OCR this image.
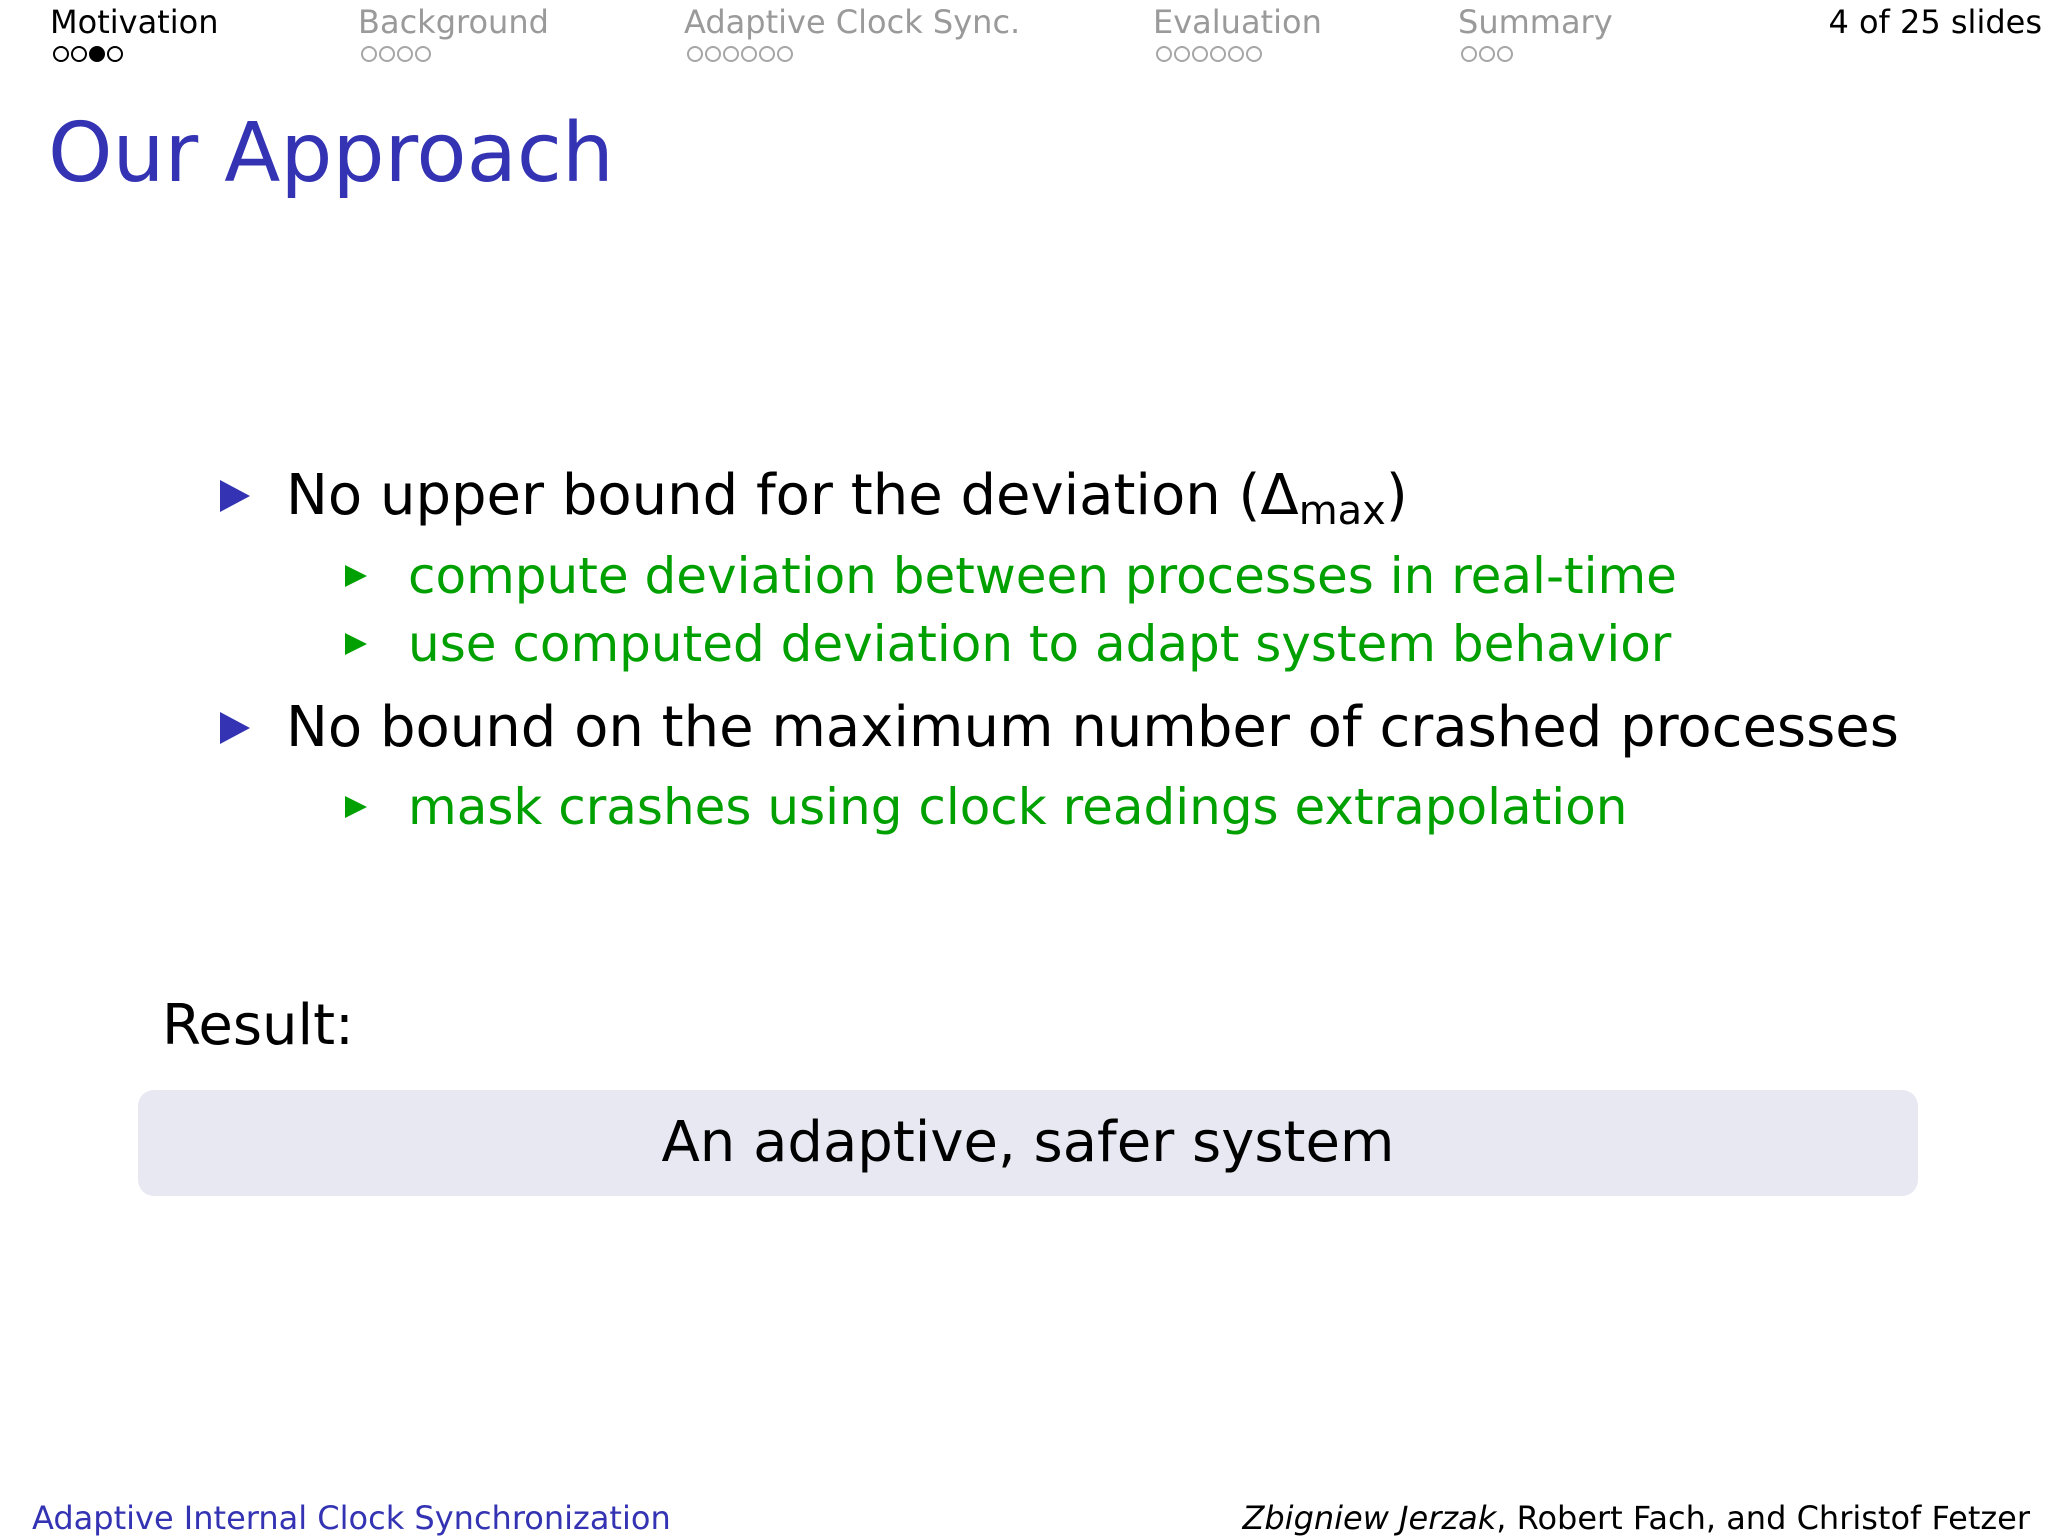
Motivation	Background	Adaptive Clock Sync.	Evaluation	Summary	4 of 25 slides
Our Approach
No upper bound for the deviation $(\Delta_{max})$
compute deviation between processes in real-time
use computed deviation to adapt system behavior
No bound on the maximum number of crashed processes
mask crashes using clock readings extrapolation
Result:
An adaptive, safer system
Adaptive Internal Clock Synchronization	Zbigniew Jerzak, Robert Fach, and Christof Fetzer
